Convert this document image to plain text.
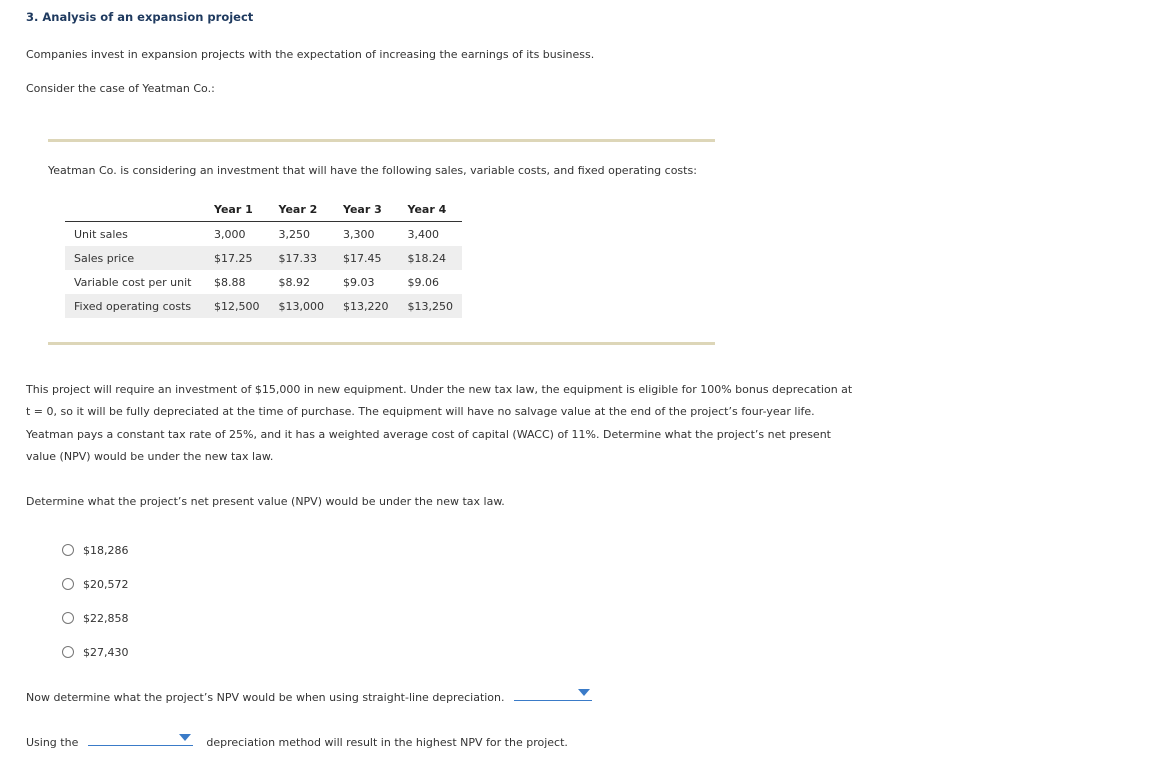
3. Analysis of an expansion project
Companies invest in expansion projects with the expectation of increasing the earnings of its business.
Consider the case of Yeatman Co.:
Yeatman Co. is considering an investment that will have the following sales, variable costs, and fixed operating costs:
	Year 1	Year 2	Year 3	Year 4
Unit sales	3,000	3,250	3,300	3,400
Sales price	$17.25	$17.33	$17.45	$18.24
Variable cost per unit	$8.88	$8.92	$9.03	$9.06
Fixed operating costs	$12,500	$13,000	$13,220	$13,250
This project will require an investment of $15,000 in new equipment. Under the new tax law, the equipment is eligible for 100% bonus deprecation at
t = 0, so it will be fully depreciated at the time of purchase. The equipment will have no salvage value at the end of the project’s four-year life.
Yeatman pays a constant tax rate of 25%, and it has a weighted average cost of capital (WACC) of 11%. Determine what the project’s net present
value (NPV) would be under the new tax law.
Determine what the project’s net present value (NPV) would be under the new tax law.
$18,286
$20,572
$22,858
$27,430
Now determine what the project’s NPV would be when using straight-line depreciation.
Using the	depreciation method will result in the highest NPV for the project.
